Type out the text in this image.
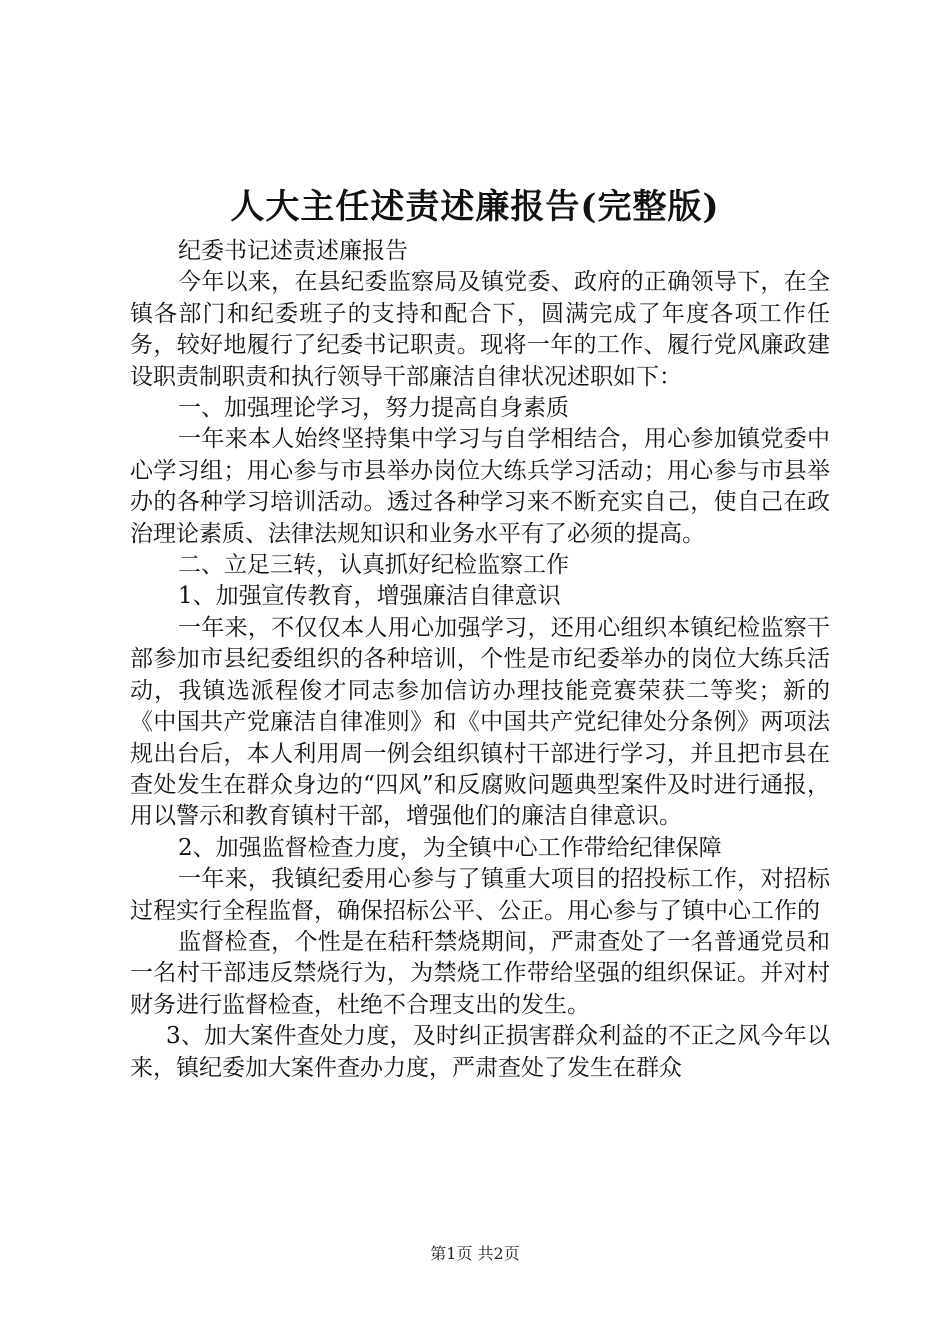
人大主任述责述廉报告(完整版)

纪委书记述责述廉报告

今年以来，在县纪委监察局及镇党委、政府的正确领导下，在全镇各部门和纪委班子的支持和配合下，圆满完成了年度各项工作任务，较好地履行了纪委书记职责。现将一年的工作、履行党风廉政建设职责制职责和执行领导干部廉洁自律状况述职如下：

一、加强理论学习，努力提高自身素质

一年来本人始终坚持集中学习与自学相结合，用心参加镇党委中心学习组；用心参与市县举办岗位大练兵学习活动；用心参与市县举办的各种学习培训活动。透过各种学习来不断充实自己，使自己在政治理论素质、法律法规知识和业务水平有了必须的提高。

二、立足三转，认真抓好纪检监察工作

1、加强宣传教育，增强廉洁自律意识

一年来，不仅仅本人用心加强学习，还用心组织本镇纪检监察干部参加市县纪委组织的各种培训，个性是市纪委举办的岗位大练兵活动，我镇选派程俊才同志参加信访办理技能竞赛荣获二等奖；新的《中国共产党廉洁自律准则》和《中国共产党纪律处分条例》两项法规出台后，本人利用周一例会组织镇村干部进行学习，并且把市县在查处发生在群众身边的“四风”和反腐败问题典型案件及时进行通报，用以警示和教育镇村干部，增强他们的廉洁自律意识。

2、加强监督检查力度，为全镇中心工作带给纪律保障

一年来，我镇纪委用心参与了镇重大项目的招投标工作，对招标过程实行全程监督，确保招标公平、公正。用心参与了镇中心工作的

监督检查，个性是在秸秆禁烧期间，严肃查处了一名普通党员和一名村干部违反禁烧行为，为禁烧工作带给坚强的组织保证。并对村财务进行监督检查，杜绝不合理支出的发生。

3、加大案件查处力度，及时纠正损害群众利益的不正之风今年以来，镇纪委加大案件查办力度，严肃查处了发生在群众

第1页 共2页
